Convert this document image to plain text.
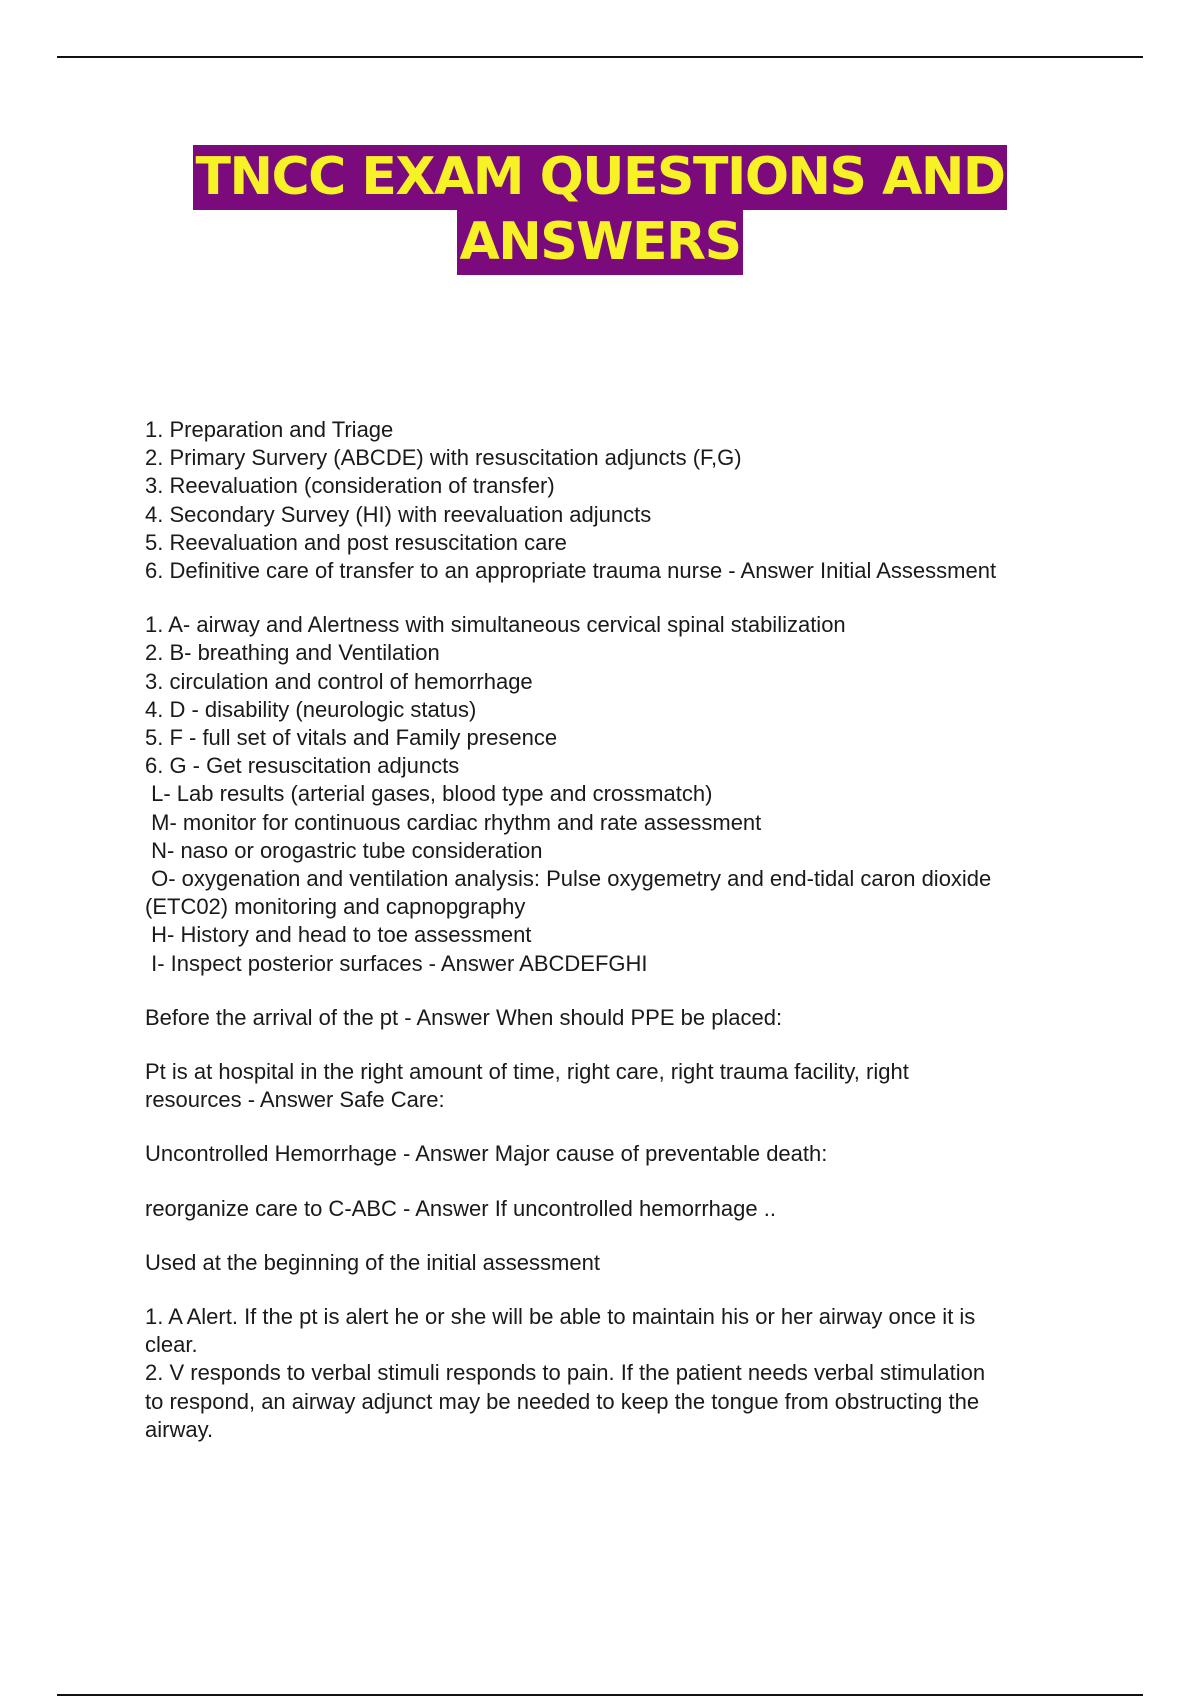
TNCC EXAM QUESTIONS AND
ANSWERS
1. Preparation and Triage
2. Primary Survery (ABCDE) with resuscitation adjuncts (F,G)
3. Reevaluation (consideration of transfer)
4. Secondary Survey (HI) with reevaluation adjuncts
5. Reevaluation and post resuscitation care
6. Definitive care of transfer to an appropriate trauma nurse - Answer Initial Assessment
1. A- airway and Alertness with simultaneous cervical spinal stabilization
2. B- breathing and Ventilation
3. circulation and control of hemorrhage
4. D - disability (neurologic status)
5. F - full set of vitals and Family presence
6. G - Get resuscitation adjuncts
L- Lab results (arterial gases, blood type and crossmatch)
M- monitor for continuous cardiac rhythm and rate assessment
N- naso or orogastric tube consideration
O- oxygenation and ventilation analysis: Pulse oxygemetry and end-tidal caron dioxide
(ETC02) monitoring and capnopgraphy
H- History and head to toe assessment
I- Inspect posterior surfaces - Answer ABCDEFGHI
Before the arrival of the pt - Answer When should PPE be placed:
Pt is at hospital in the right amount of time, right care, right trauma facility, right
resources - Answer Safe Care:
Uncontrolled Hemorrhage - Answer Major cause of preventable death:
reorganize care to C-ABC - Answer If uncontrolled hemorrhage ..
Used at the beginning of the initial assessment
1. A Alert. If the pt is alert he or she will be able to maintain his or her airway once it is
clear.
2. V responds to verbal stimuli responds to pain. If the patient needs verbal stimulation
to respond, an airway adjunct may be needed to keep the tongue from obstructing the
airway.
